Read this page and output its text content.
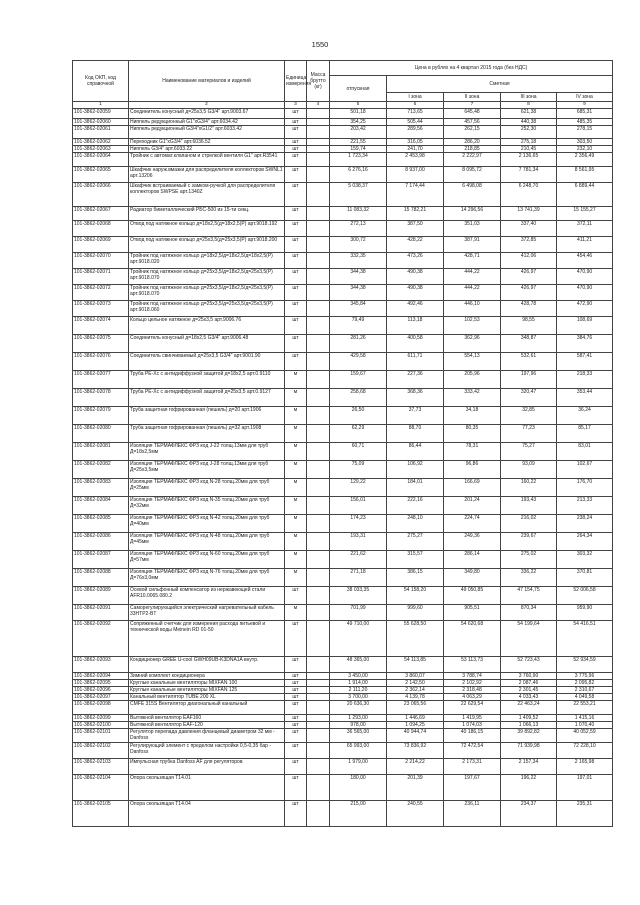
1550
Код ОКП, код справочной	Наименование материалов и изделий	Единица измерения	Масса брутто (кг)	Цена в рублях на 4 квартал 2015 года (без НДС)				
				отпускная	Сметная			
					I зона	II зона	III зона	IV зона
1	2	3	4	5	6	7	8	9
101-3862-02059	Соединитель конусный д=25х3,5 G3/4" арт.9003.67	шт		501,18	713,65	645,48	621,38	685,31
101-3862-02060	Ниппель редукционный G1"хG3/4" арт.6034.42	шт		354,25	505,44	457,56	440,38	485,35
101-3862-02061	Ниппель редукционный G3/4"хG1/2" арт.6033.42	шт		203,42	289,56	262,15	252,30	278,15
101-3862-02062	Переходник G1"хG3/4" арт.6036.52	шт		221,55	316,05	286,20	275,18	303,50
101-3862-02063	Ниппель G3/4" арт.6033.22	шт		159,74	241,70	218,85	210,45	232,10
101-3862-02064	Тройник с автомат.клапаном и стрелкой вентиля G1" арт.R3541	шт		1 723,34	2 453,98	2 222,97	2 136,65	2 356,49
101-3862-02065	Шкафчик наруж.вмазки для распределителя коллекторов SWNL1 арт.13206	шт		6 276,16	8 937,00	8 095,72	7 781,34	8 561,95
101-3862-02066	Шкафчик встраиваемый с замком-ручкой для распределителя коллекторов SWPSE арт.1340Z	шт		5 038,37	7 174,44	6 498,08	6 248,70	6 889,44
101-3862-02067	Радиатор биметаллический РБС-500 из 15-ти секц.	шт		11 083,32	15 782,21	14 296,56	13 741,39	15 155,27
101-3862-02068	Отвод под натяжное кольцо д=18х2,5(д=18х2,5(P) арт.9018.192	шт		272,13	387,50	351,03	337,40	372,11
101-3862-02069	Отвод под натяжное кольцо д=25х3,5(д=25х3,5(P) арт.9018.200	шт		300,72	428,22	387,91	372,85	411,21
101-3862-02070	Тройник под натяжное кольцо д=18х2,5/д=18х2,5/д=18х2,5(P) арт.9018.020	шт		332,35	473,26	428,71	412,06	454,46
101-3862-02071	Тройник под натяжное кольцо д=25х3,5/д=18х2,5/д=25х3,5(P) арт.9018.070	шт		344,38	490,38	444,22	426,97	470,90
101-3862-02072	Тройник под натяжное кольцо д=25х3,5/д=18х2,5/д=25х3,5(P) арт.9018.070	шт		344,38	490,38	444,22	426,97	470,90
101-3862-02073	Тройник под натяжное кольцо д=25х3,5/д=25х3,5/д=25х3,5(P) арт.9018.060	шт		345,84	492,46	446,10	428,78	472,90
101-3862-02074	Кольцо цельное натяжное д=25х3,5 арт.9006.76	шт		79,49	113,18	102,53	98,55	108,69
101-3862-02075	Соединитель конусный д=18х2,5 G3/4" арт.9006.48	шт		281,26	400,58	362,96	348,87	384,76
101-3862-02076	Соединитель свинчиваемый д=25х3,5 G3/4" арт.9001.90	шт		429,58	611,71	554,13	532,61	587,41
101-3862-02077	Труба PE-Xc с антидиффузной защитой д=18х2,5 арт.0.9110	м		159,67	227,36	205,96	197,96	218,33
101-3862-02078	Труба PE-Xc с антидиффузной защитой д=25х3,5 арт.0.9127	м		258,68	368,36	333,42	320,47	353,44
101-3862-02079	Труба защитная гофрированная (пешель) д=20 арт.1906	м		26,50	37,73	34,18	32,85	36,24
101-3862-02080	Труба защитная гофрированная (пешель) д=32 арт.1908	м		62,29	88,70	80,35	77,23	85,17
101-3862-02081	Изоляция ТЕРМАФЛЕКС ФРЗ код Ј-22 толщ.13мм для труб Д=18х2,5мм	м		60,71	86,44	78,31	75,27	83,01
101-3862-02082	Изоляция ТЕРМАФЛЕКС ФРЗ код Ј-28 толщ.13мм для труб Д=25х3,5мм	м		75,09	106,92	96,86	93,09	102,67
101-3862-02083	Изоляция ТЕРМАФЛЕКС ФРЗ код N-28 толщ.20мм для труб Д=25мм	м		129,22	184,01	166,69	160,22	176,70
101-3862-02084	Изоляция ТЕРМАФЛЕКС ФРЗ код N-35 толщ.20мм для труб Д=32мм	м		156,01	222,16	201,24	193,43	213,33
101-3862-02085	Изоляция ТЕРМАФЛЕКС ФРЗ код N-42 толщ.20мм для труб Д=40мм	м		174,23	248,10	224,74	216,02	238,24
101-3862-02086	Изоляция ТЕРМАФЛЕКС ФРЗ код N-48 толщ.20мм для труб Д=45мм	м		193,31	275,27	249,36	239,67	264,34
101-3862-02087	Изоляция ТЕРМАФЛЕКС ФРЗ код N-60 толщ.20мм для труб Д=57мм	м		221,62	315,57	286,14	275,02	303,32
101-3862-02088	Изоляция ТЕРМАФЛЕКС ФРЗ код N-76 толщ.20мм для труб Д=76х3,0мм	м		271,18	386,15	349,80	336,22	370,81
101-3862-02089	Осевой сильфонный компенсатор из нержавеющей стали AFR10.0065.080.2	шт		38 033,35	54 158,20	49 050,85	47 154,75	52 006,58
101-3862-02091	Саморегулирующийся электрический нагревательный кабель 33НТР2-BT	м		701,99	999,60	905,51	870,34	959,90
101-3862-02092	Сопряженный счетчик для измерения расхода питьевой и технической воды Meinein RD 01-50	шт		49 710,00	55 628,50	54 620,68	54 199,64	54 416,51
101-3862-02093	Кондиционер GREE U-cool GWH09UB-K3DNA1A внутр.	шт		48 365,00	54 113,85	53 113,73	52 723,43	52 934,59
101-3862-02094	Зимний комплект кондиционера	шт		3 450,00	3 860,07	3 788,74	3 760,90	3 775,96
101-3862-02095	Круглые канальные вентиляторы MIXFAN 100	шт		1 914,00	2 142,50	2 102,92	2 087,46	2 095,82
101-3862-02096	Круглые канальные вентиляторы MIXFAN 125	шт		2 111,20	2 362,14	2 318,48	2 301,45	2 310,67
101-3862-02097	Канальный вентилятор TUBE 200 XL	шт		3 700,00	4 139,78	4 063,29	4 033,43	4 049,58
101-3862-02098	CMFE 315S Вентилятор диагональный канальный	шт		20 636,30	23 065,56	22 629,54	22 463,24	22 553,21
101-3862-02099	Вытяжной вентилятор EAF160	шт		1 293,00	1 446,69	1 419,95	1 409,52	1 415,16
101-3862-02100	Вытяжной вентилятор EAF-120	шт		978,00	1 094,25	1 074,03	1 066,13	1 070,40
101-3862-02101	Регулятор перепада давления фланцевый диаметром 32 мм - Danfoss	шт		36 565,00	40 944,74	40 186,15	39 892,82	40 052,59
101-3862-02102	Регулирующий элемент с пределом настройки 0,5-0,35 бар - Danfoss	шт		65 993,00	73 836,92	72 472,54	71 939,98	72 228,10
101-3862-02103	Импульсная трубка Danfoss AF для регуляторов	шт		1 979,00	2 214,22	2 173,31	2 157,34	2 165,98
101-3862-02104	Опора скользящая Т14.01	шт		180,00	201,39	197,67	196,22	197,01
101-3862-02105	Опора скользящая Т14.04	шт		215,00	240,55	236,11	234,37	235,31
